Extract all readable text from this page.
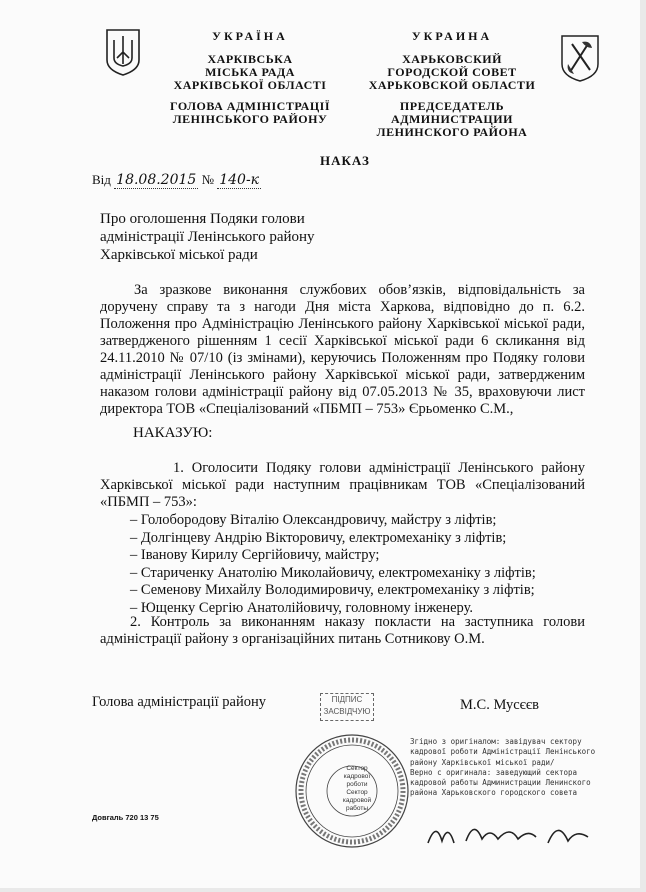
УКРАЇНА
ХАРКІВСЬКА
МІСЬКА РАДА
ХАРКІВСЬКОЇ ОБЛАСТІ
ГОЛОВА АДМІНІСТРАЦІЇ
ЛЕНІНСЬКОГО РАЙОНУ
УКРАИНА
ХАРЬКОВСКИЙ
ГОРОДСКОЙ СОВЕТ
ХАРЬКОВСКОЙ ОБЛАСТИ
ПРЕДСЕДАТЕЛЬ АДМИНИСТРАЦИИ
ЛЕНИНСКОГО РАЙОНА
НАКАЗ
Від 18.08.2015 № 140-к
Про оголошення Подяки голови
адміністрації Ленінського району
Харківської міської ради
За зразкове виконання службових обов’язків, відповідальність за доручену справу та з нагоди Дня міста Харкова, відповідно до п. 6.2. Положення про Адміністрацію Ленінського району Харківської міської ради, затвердженого рішенням 1 сесії Харківської міської ради 6 скликання від 24.11.2010 № 07/10 (із змінами), керуючись Положенням про Подяку голови адміністрації Ленінського району Харківської міської ради, затвердженим наказом голови адміністрації району від 07.05.2013 № 35, враховуючи лист директора ТОВ «Спеціалізований «ПБМП – 753» Єрьоменко С.М.,
НАКАЗУЮ:
1. Оголосити Подяку голови адміністрації Ленінського району Харківської міської ради наступним працівникам ТОВ «Спеціалізований «ПБМП – 753»:
– Голобородову Віталію Олександровичу, майстру з ліфтів;
– Долгінцеву Андрію Вікторовичу, електромеханіку з ліфтів;
– Іванову Кирилу Сергійовичу, майстру;
– Стариченку Анатолію Миколайовичу, електромеханіку з ліфтів;
– Семенову Михайлу Володимировичу, електромеханіку з ліфтів;
– Ющенку Сергію Анатолійовичу, головному інженеру.
2. Контроль за виконанням наказу покласти на заступника голови адміністрації району з організаційних питань Сотникову О.М.
Голова адміністрації району	ПІДПИС
ЗАСВІДЧУЮ	М.С. Мусєєв
Сектор
кадрової
роботи
Сектор
кадровой
работы
Згідно з оригіналом: завідувач сектору
кадрової роботи Адміністрації Ленінського
району Харківської міської ради/
Верно с оригинала: заведующий сектора
кадровой работы Администрации Ленинского
района Харьковского городского совета
Довгаль 720 13 75
